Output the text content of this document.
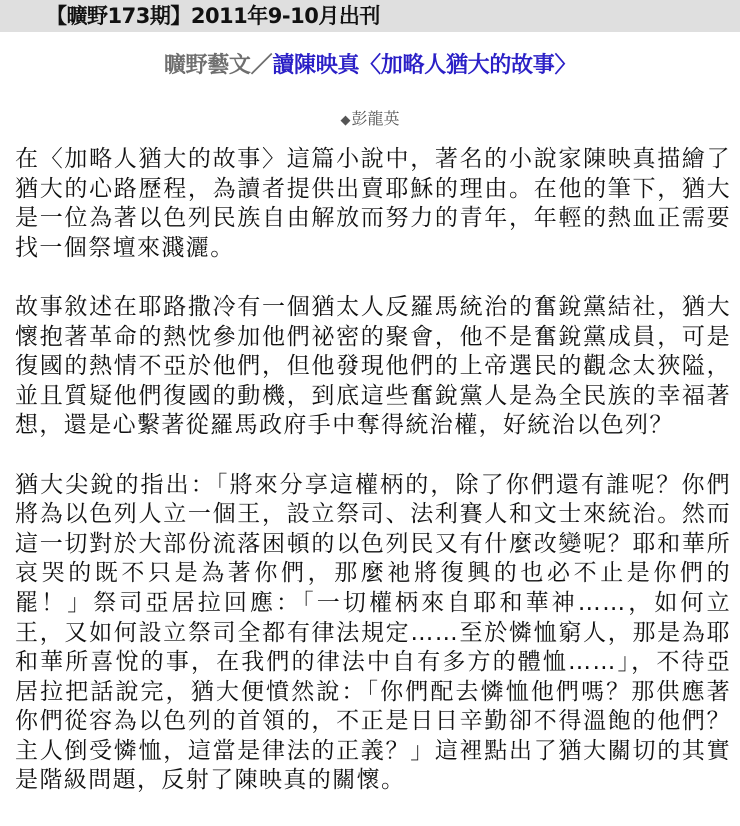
【曠野173期】2011年9-10月出刊
曠野藝文／讀陳映真〈加略人猶大的故事〉
◆彭龍英

在〈加略人猶大的故事〉這篇小說中，著名的小說家陳映真描繪了猶大的心路歷程，為讀者提供出賣耶穌的理由。在他的筆下，猶大是一位為著以色列民族自由解放而努力的青年，年輕的熱血正需要找一個祭壇來濺灑。

故事敘述在耶路撒冷有一個猶太人反羅馬統治的奮銳黨結社，猶大懷抱著革命的熱忱參加他們祕密的聚會，他不是奮銳黨成員，可是復國的熱情不亞於他們，但他發現他們的上帝選民的觀念太狹隘，並且質疑他們復國的動機，到底這些奮銳黨人是為全民族的幸福著想，還是心繫著從羅馬政府手中奪得統治權，好統治以色列？

猶大尖銳的指出：「將來分享這權柄的，除了你們還有誰呢？你們將為以色列人立一個王，設立祭司、法利賽人和文士來統治。然而這一切對於大部份流落困頓的以色列民又有什麼改變呢？耶和華所哀哭的既不只是為著你們，那麼祂將復興的也必不止是你們的罷！」祭司亞居拉回應：「一切權柄來自耶和華神……，如何立王，又如何設立祭司全都有律法規定……至於憐恤窮人，那是為耶和華所喜悅的事，在我們的律法中自有多方的體恤……」，不待亞居拉把話說完，猶大便憤然說：「你們配去憐恤他們嗎？那供應著你們從容為以色列的首領的，不正是日日辛勤卻不得溫飽的他們？主人倒受憐恤，這當是律法的正義？」這裡點出了猶大關切的其實是階級問題，反射了陳映真的關懷。
